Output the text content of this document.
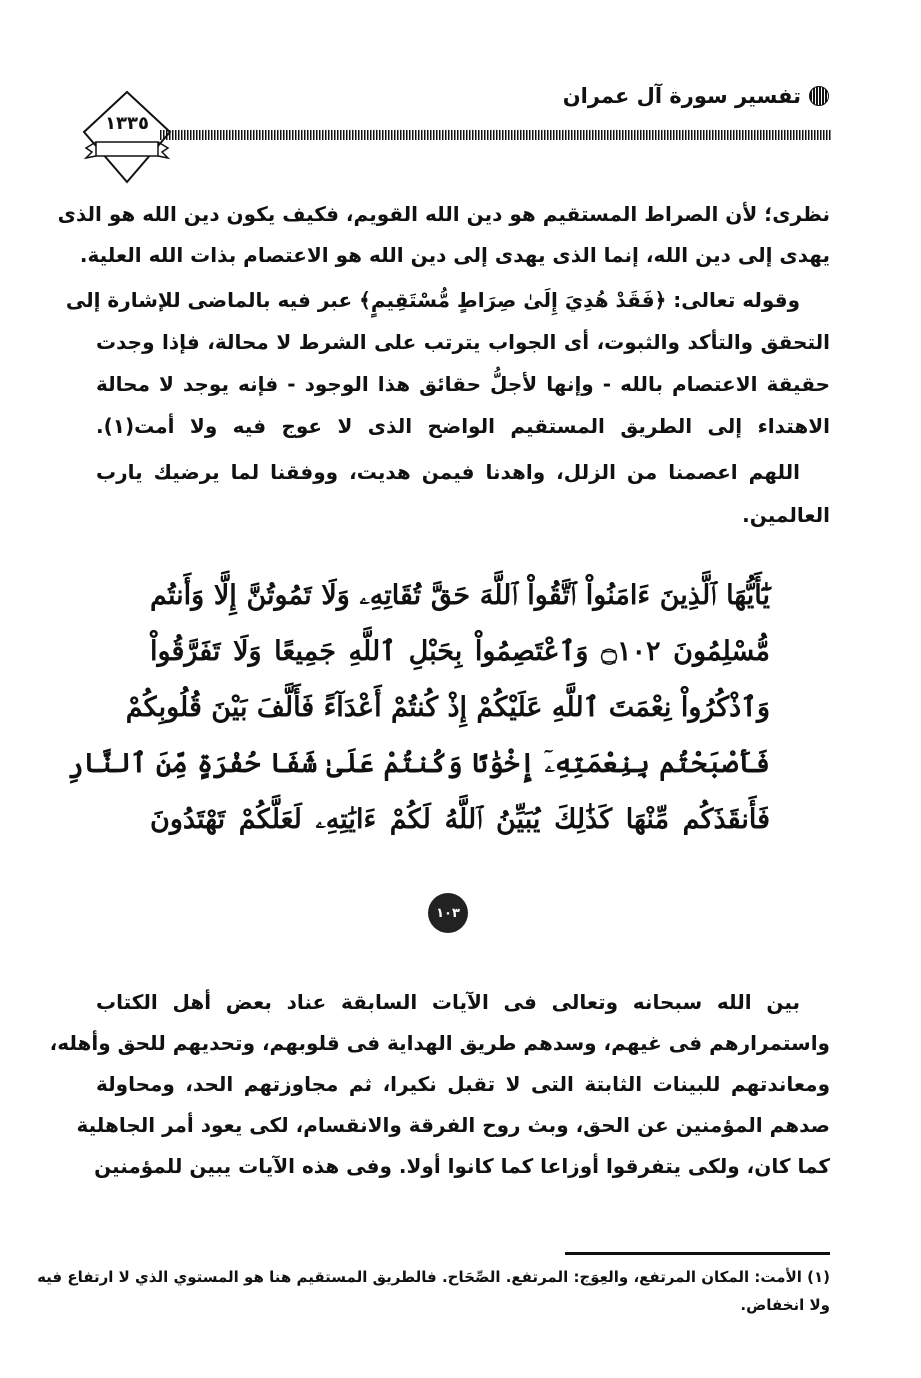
تفسير سورة آل عمران
١٣٣٥
نظرى؛ لأن الصراط المستقيم هو دين الله القويم، فكيف يكون دين الله هو الذى
يهدى إلى دين الله، إنما الذى يهدى إلى دين الله هو الاعتصام بذات الله العلية.
وقوله تعالى: ﴿فَقَدْ هُدِيَ إِلَىٰ صِرَاطٍ مُّسْتَقِيمٍ﴾ عبر فيه بالماضى للإشارة إلى
التحقق والتأكد والثبوت، أى الجواب يترتب على الشرط لا محالة، فإذا وجدت
حقيقة الاعتصام بالله - وإنها لأجلُّ حقائق هذا الوجود - فإنه يوجد لا محالة
الاهتداء إلى الطريق المستقيم الواضح الذى لا عوج فيه ولا أمت(١).
اللهم اعصمنا من الزلل، واهدنا فيمن هديت، ووفقنا لما يرضيك يارب
العالمين.
يَٰٓأَيُّهَا ٱلَّذِينَ ءَامَنُواْ ٱتَّقُواْ ٱللَّهَ حَقَّ تُقَاتِهِۦ وَلَا تَمُوتُنَّ إِلَّا وَأَنتُم
مُّسْلِمُونَ ۝١٠٢ وَٱعْتَصِمُواْ بِحَبْلِ ٱللَّهِ جَمِيعًا وَلَا تَفَرَّقُواْ
وَٱذْكُرُواْ نِعْمَتَ ٱللَّهِ عَلَيْكُمْ إِذْ كُنتُمْ أَعْدَآءً فَأَلَّفَ بَيْنَ قُلُوبِكُمْ
فَأَصْبَحْتُم بِنِعْمَتِهِۦٓ إِخْوَٰنًا وَكُنتُمْ عَلَىٰ شَفَا حُفْرَةٍ مِّنَ ٱلنَّارِ
فَأَنقَذَكُم مِّنْهَا كَذَٰلِكَ يُبَيِّنُ ٱللَّهُ لَكُمْ ءَايَٰتِهِۦ لَعَلَّكُمْ تَهْتَدُونَ
١٠٣
بين الله سبحانه وتعالى فى الآيات السابقة عناد بعض أهل الكتاب
واستمرارهم فى غيهم، وسدهم طريق الهداية فى قلوبهم، وتحديهم للحق وأهله،
ومعاندتهم للبينات الثابتة التى لا تقبل نكيرا، ثم مجاوزتهم الحد، ومحاولة
صدهم المؤمنين عن الحق، وبث روح الفرقة والانقسام، لكى يعود أمر الجاهلية
كما كان، ولكى يتفرقوا أوزاعا كما كانوا أولا. وفى هذه الآيات يبين للمؤمنين
(١) الأمت: المكان المرتفع، والعِوَج: المرتفع. الصِّحَاح. فالطريق المستقيم هنا هو المستوي الذي لا ارتفاع فيه
ولا انخفاض.
